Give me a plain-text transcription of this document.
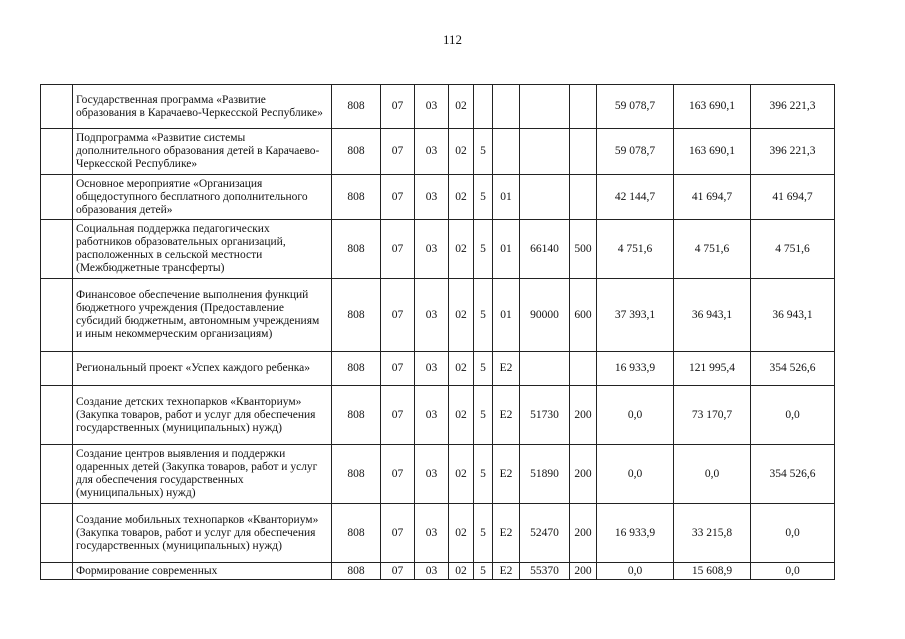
112
	Государственная программа «Развитие образования в Карачаево-Черкесской Республике»	808	07	03	02					59 078,7	163 690,1	396 221,3
	Подпрограмма «Развитие системы дополнительного образования детей в Карачаево-Черкесской Республике»	808	07	03	02	5				59 078,7	163 690,1	396 221,3
	Основное мероприятие «Организация общедоступного бесплатного дополнительного образования детей»	808	07	03	02	5	01			42 144,7	41 694,7	41 694,7
	Социальная поддержка педагогических работников образовательных организаций, расположенных в сельской местности (Межбюджетные трансферты)	808	07	03	02	5	01	66140	500	4 751,6	4 751,6	4 751,6
	Финансовое обеспечение выполнения функций бюджетного учреждения (Предоставление субсидий бюджетным, автономным учреждениям и иным некоммерческим организациям)	808	07	03	02	5	01	90000	600	37 393,1	36 943,1	36 943,1
	Региональный проект «Успех каждого ребенка»	808	07	03	02	5	E2			16 933,9	121 995,4	354 526,6
	Создание детских технопарков «Кванториум» (Закупка товаров, работ и услуг для обеспечения государственных (муниципальных) нужд)	808	07	03	02	5	E2	51730	200	0,0	73 170,7	0,0
	Создание центров выявления и поддержки одаренных детей (Закупка товаров, работ и услуг для обеспечения государственных (муниципальных) нужд)	808	07	03	02	5	E2	51890	200	0,0	0,0	354 526,6
	Создание мобильных технопарков «Кванториум» (Закупка товаров, работ и услуг для обеспечения государственных (муниципальных) нужд)	808	07	03	02	5	E2	52470	200	16 933,9	33 215,8	0,0
	Формирование современных	808	07	03	02	5	E2	55370	200	0,0	15 608,9	0,0
